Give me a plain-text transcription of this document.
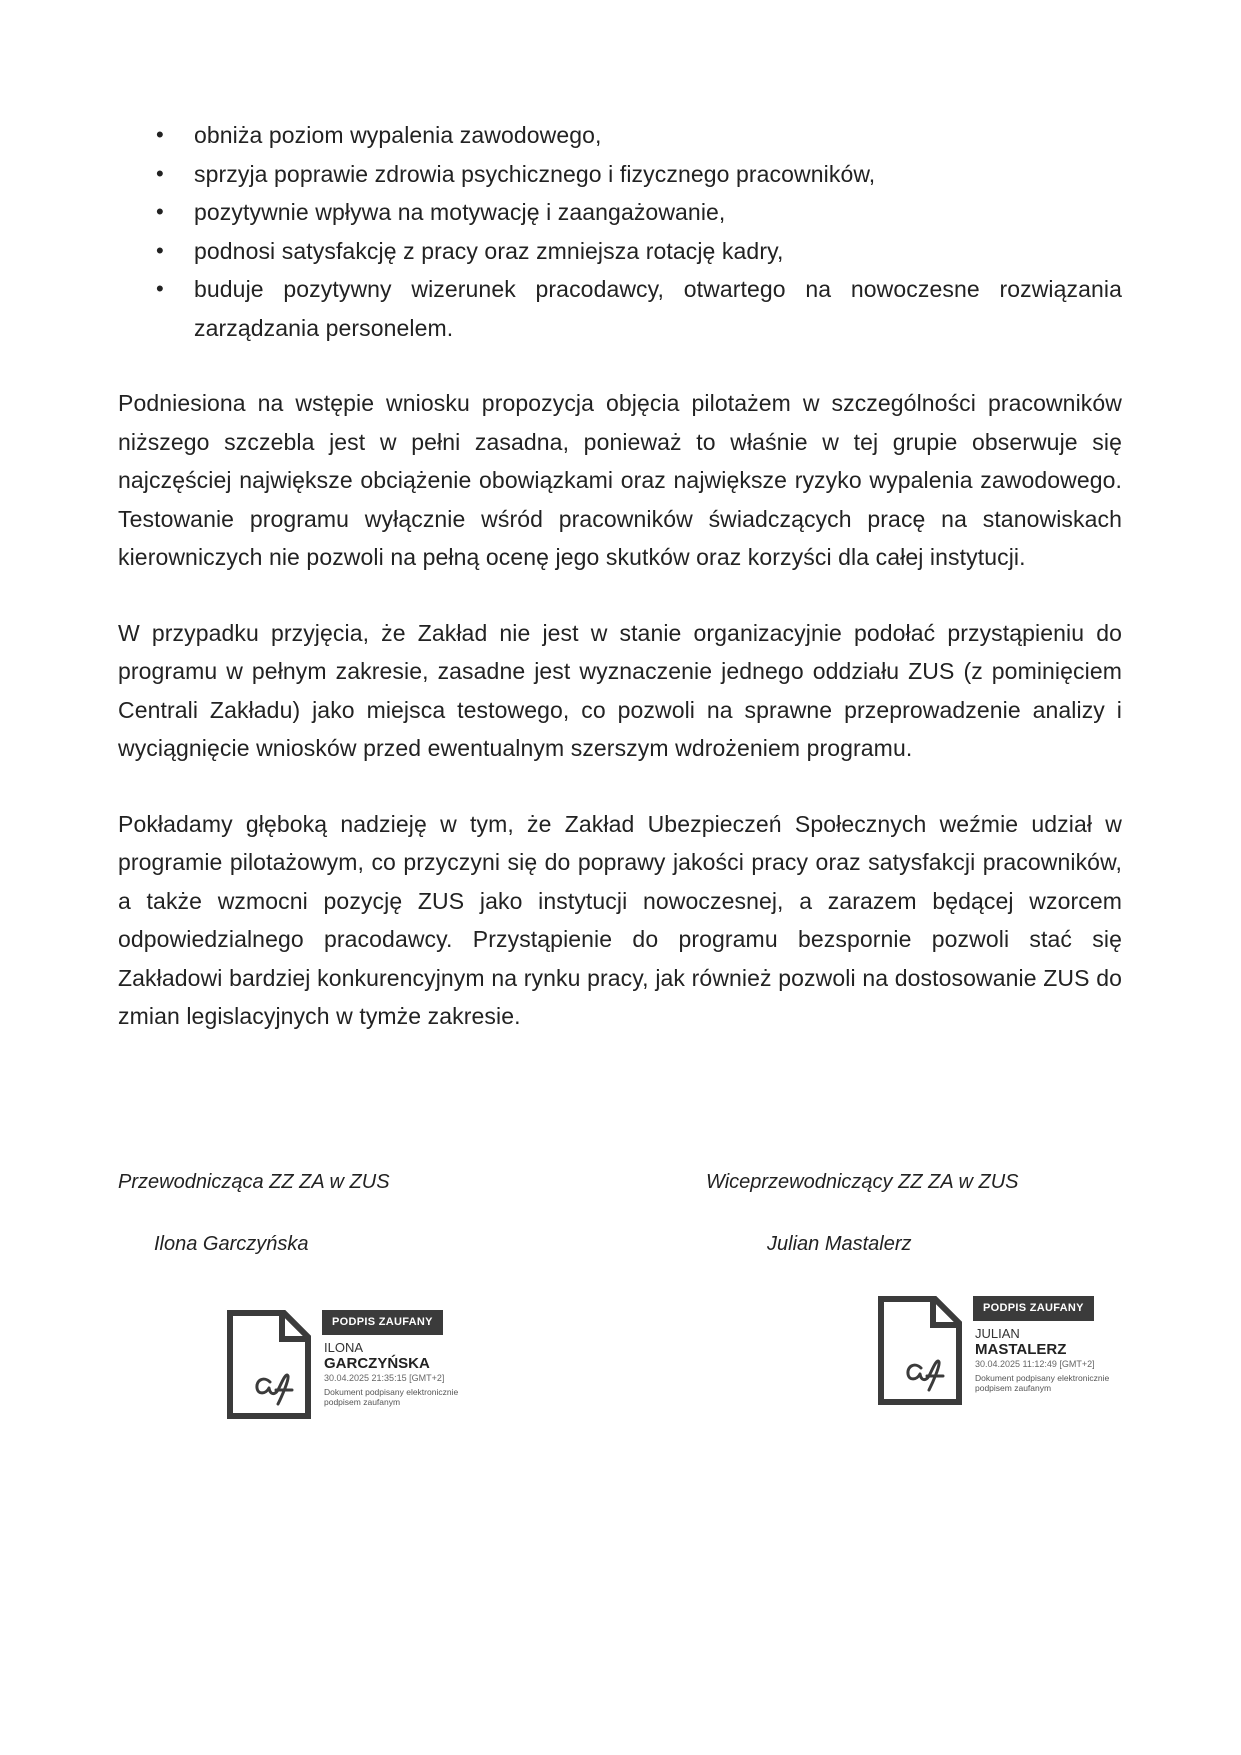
• obniża poziom wypalenia zawodowego,
• sprzyja poprawie zdrowia psychicznego i fizycznego pracowników,
• pozytywnie wpływa na motywację i zaangażowanie,
• podnosi satysfakcję z pracy oraz zmniejsza rotację kadry,
• buduje pozytywny wizerunek pracodawcy, otwartego na nowoczesne rozwiązania zarządzania personelem.

Podniesiona na wstępie wniosku propozycja objęcia pilotażem w szczególności pracowników niższego szczebla jest w pełni zasadna, ponieważ to właśnie w tej grupie obserwuje się najczęściej największe obciążenie obowiązkami oraz największe ryzyko wypalenia zawodowego. Testowanie programu wyłącznie wśród pracowników świadczących pracę na stanowiskach kierowniczych nie pozwoli na pełną ocenę jego skutków oraz korzyści dla całej instytucji.

W przypadku przyjęcia, że Zakład nie jest w stanie organizacyjnie podołać przystąpieniu do programu w pełnym zakresie, zasadne jest wyznaczenie jednego oddziału ZUS (z pominięciem Centrali Zakładu) jako miejsca testowego, co pozwoli na sprawne przeprowadzenie analizy i wyciągnięcie wniosków przed ewentualnym szerszym wdrożeniem programu.

Pokładamy głęboką nadzieję w tym, że Zakład Ubezpieczeń Społecznych weźmie udział w programie pilotażowym, co przyczyni się do poprawy jakości pracy oraz satysfakcji pracowników, a także wzmocni pozycję ZUS jako instytucji nowoczesnej, a zarazem będącej wzorcem odpowiedzialnego pracodawcy. Przystąpienie do programu bezspornie pozwoli stać się Zakładowi bardziej konkurencyjnym na rynku pracy, jak również pozwoli na dostosowanie ZUS do zmian legislacyjnych w tymże zakresie.

Przewodnicząca ZZ ZA w ZUS
Ilona Garczyńska
PODPIS ZAUFANY
ILONA
GARCZYŃSKA
30.04.2025 21:35:15 [GMT+2]
Dokument podpisany elektronicznie podpisem zaufanym
Wiceprzewodniczący ZZ ZA w ZUS
Julian Mastalerz
PODPIS ZAUFANY
JULIAN
MASTALERZ
30.04.2025 11:12:49 [GMT+2]
Dokument podpisany elektronicznie podpisem zaufanym
